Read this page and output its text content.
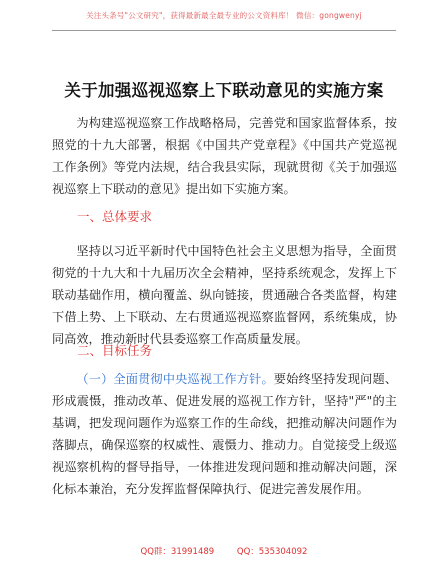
关注头条号"公文研究"，获得最新最全最专业的公文资料库！ 微信：gongwenyj
关于加强巡视巡察上下联动意见的实施方案

为构建巡视巡察工作战略格局，完善党和国家监督体系，按照党的十九大部署，根据《中国共产党章程》《中国共产党巡视工作条例》等党内法规，结合我县实际，现就贯彻《关于加强巡视巡察上下联动的意见》提出如下实施方案。

一、总体要求

坚持以习近平新时代中国特色社会主义思想为指导，全面贯彻党的十九大和十九届历次全会精神，坚持系统观念，发挥上下联动基础作用，横向覆盖、纵向链接，贯通融合各类监督，构建下借上势、上下联动、左右贯通巡视巡察监督网，系统集成，协同高效，推动新时代县委巡察工作高质量发展。

二、目标任务

（一）全面贯彻中央巡视工作方针。要始终坚持发现问题、形成震慑，推动改革、促进发展的巡视工作方针，坚持"严"的主基调，把发现问题作为巡察工作的生命线，把推动解决问题作为落脚点，确保巡察的权威性、震慑力、推动力。自觉接受上级巡视巡察机构的督导指导，一体推进发现问题和推动解决问题，深化标本兼治，充分发挥监督保障执行、促进完善发展作用。

QQ群：31991489	QQ：535304092
